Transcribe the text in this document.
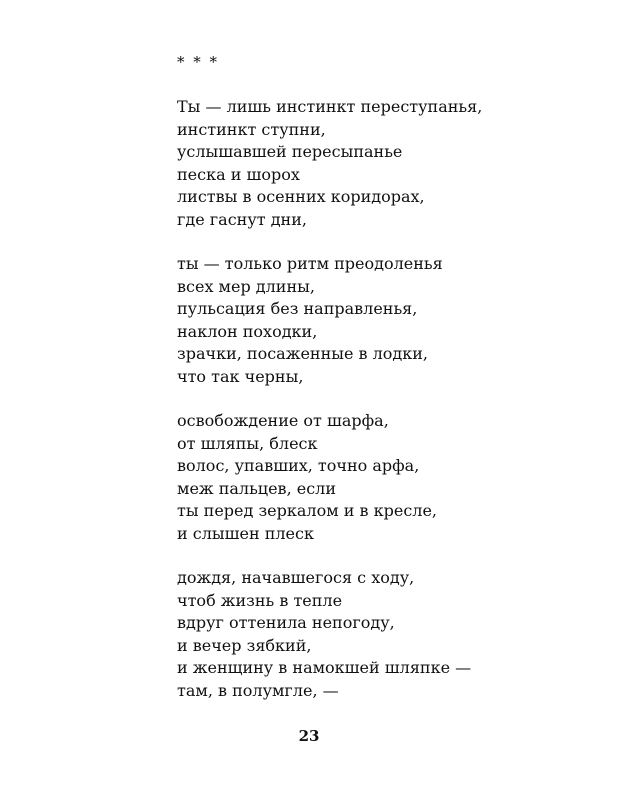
* * *
Ты — лишь инстинкт переступанья,
инстинкт ступни,
услышавшей пересыпанье
песка и шорох
листвы в осенних коридорах,
где гаснут дни,
ты — только ритм преодоленья
всех мер длины,
пульсация без направленья,
наклон походки,
зрачки, посаженные в лодки,
что так черны,
освобождение от шарфа,
от шляпы, блеск
волос, упавших, точно арфа,
меж пальцев, если
ты перед зеркалом и в кресле,
и слышен плеск
дождя, начавшегося с ходу,
чтоб жизнь в тепле
вдруг оттенила непогоду,
и вечер зябкий,
и женщину в намокшей шляпке —
там, в полумгле, —
23
